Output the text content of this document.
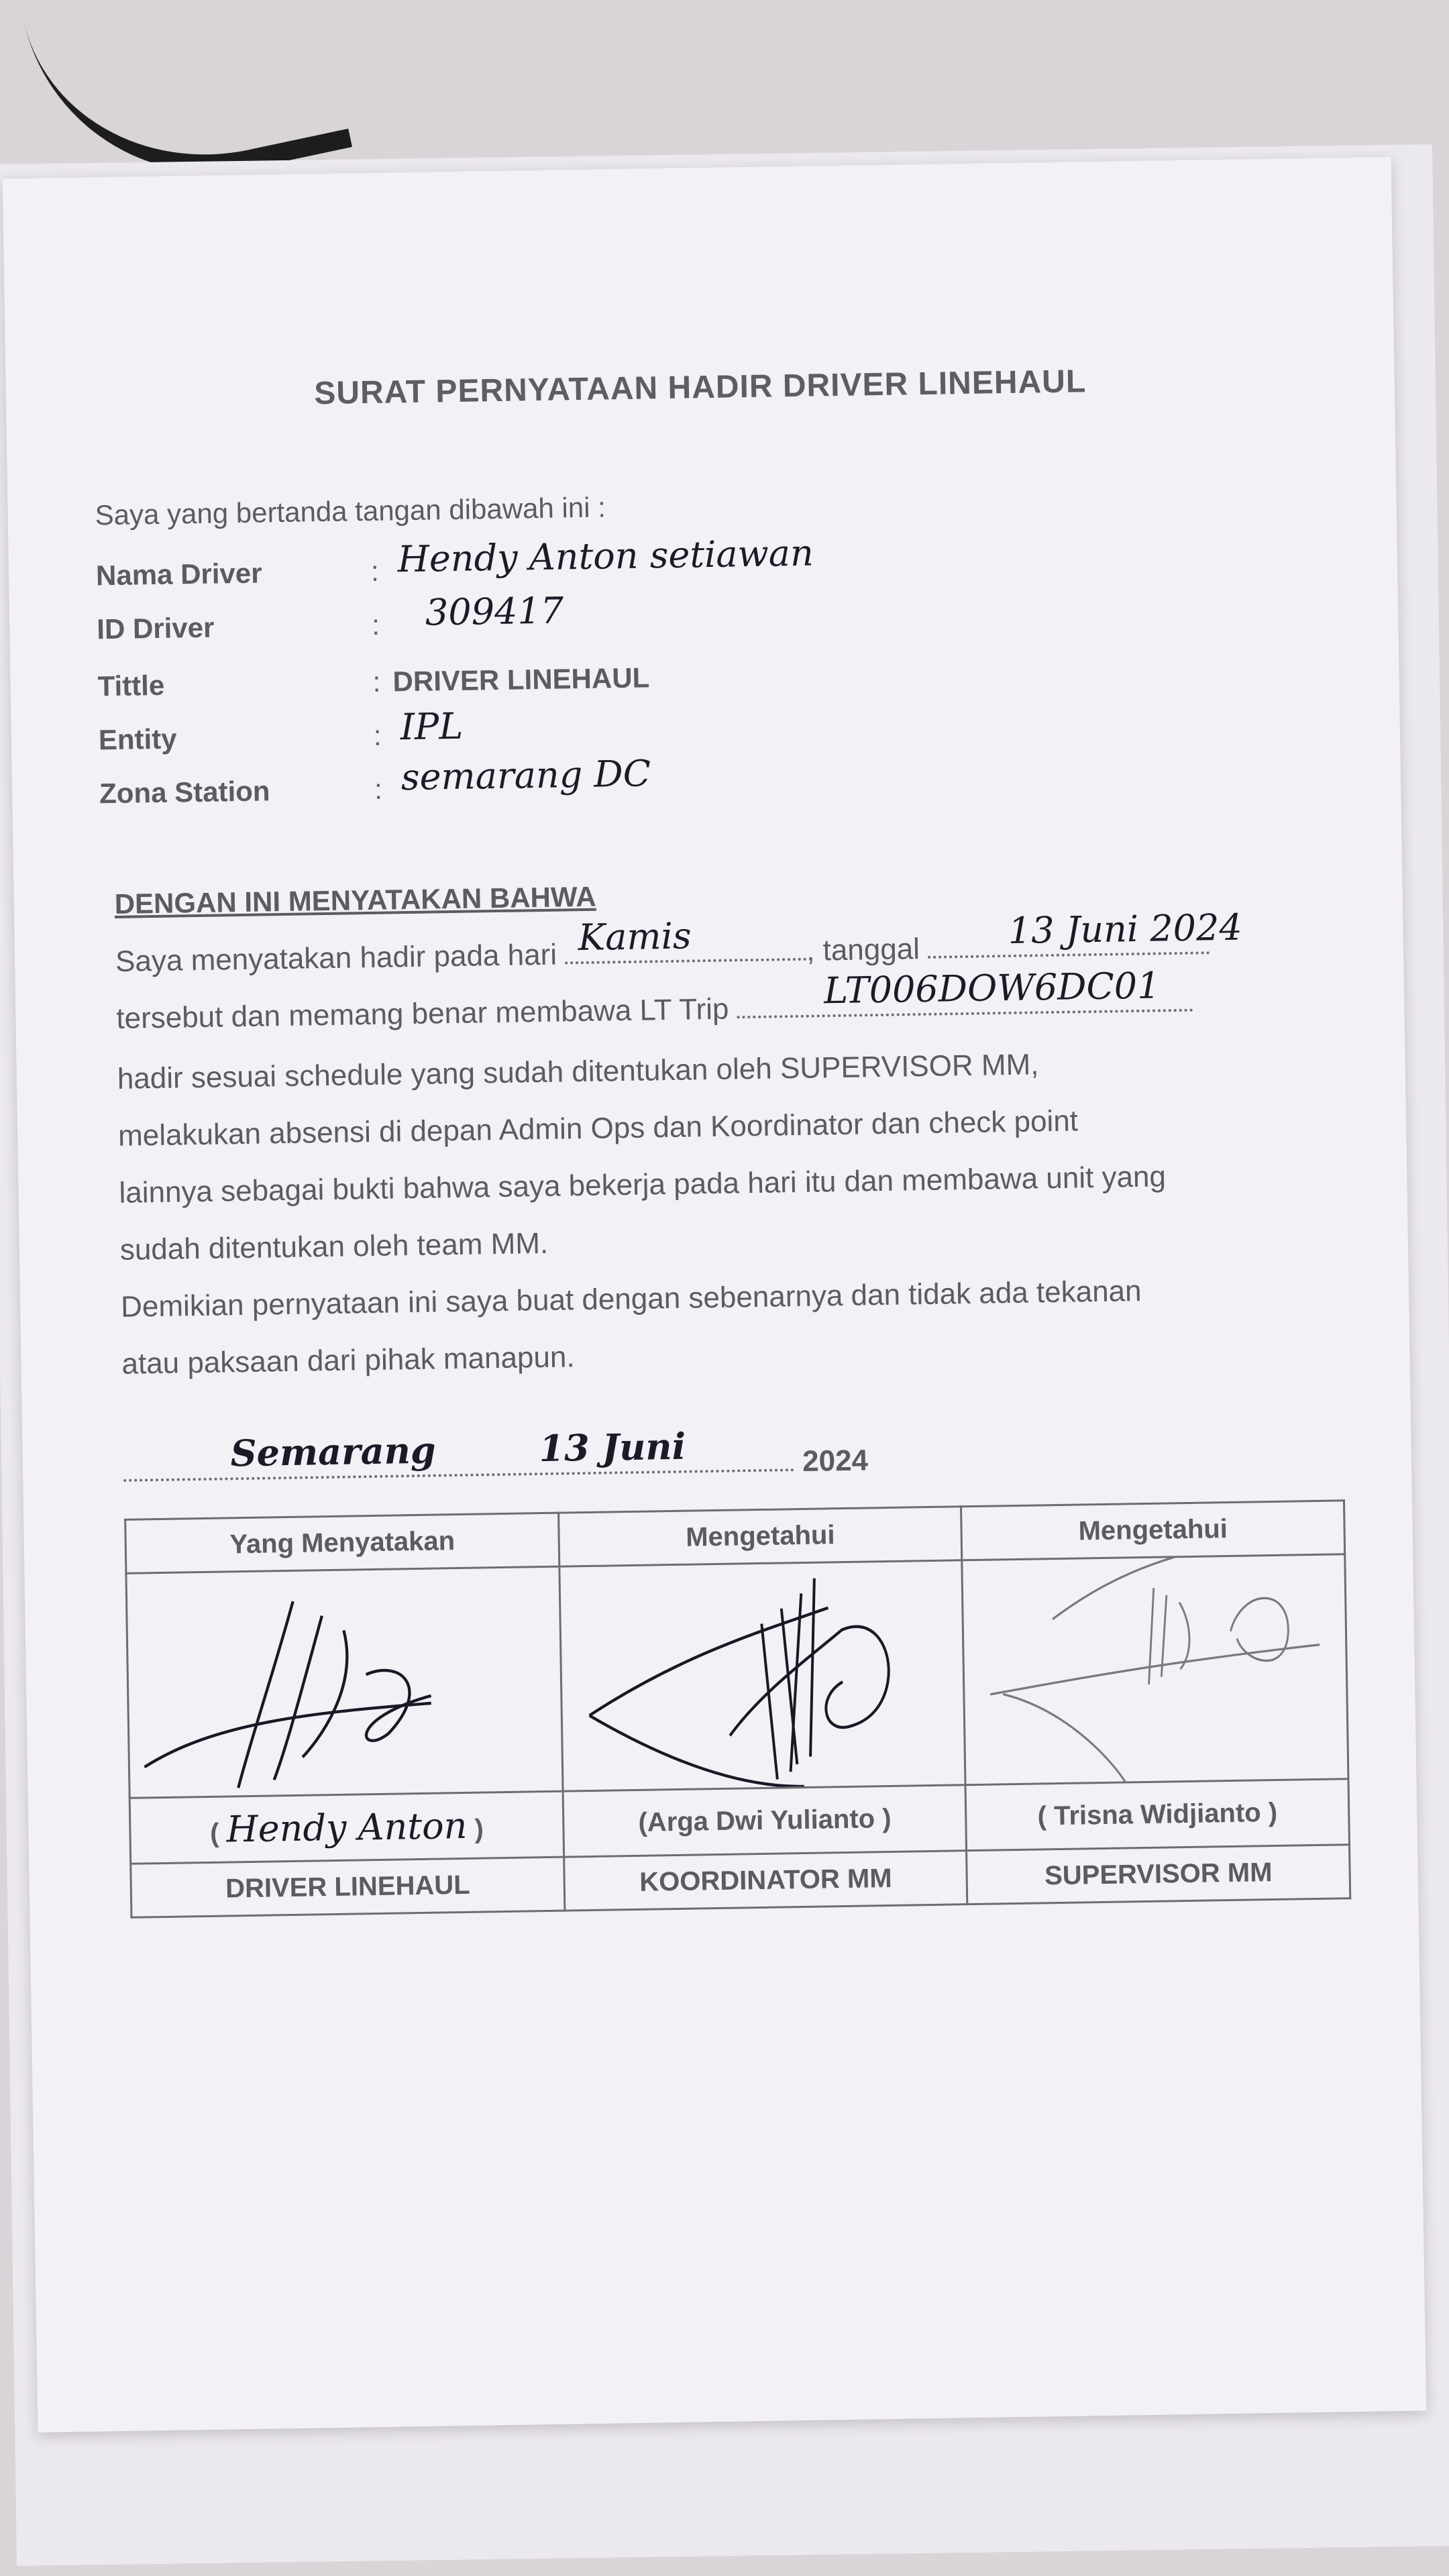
SURAT PERNYATAAN HADIR DRIVER LINEHAUL
Saya yang bertanda tangan dibawah ini :
Nama Driver	: Hendy Anton setiawan
ID Driver	: 309417
Tittle	: DRIVER LINEHAUL
Entity	: IPL
Zona Station	: semarang DC
DENGAN INI MENYATAKAN BAHWA
Saya menyatakan hadir pada hari Kamis	, tanggal 13 Juni 2024
tersebut dan memang benar membawa LT Trip
LT006DOW6DC01
hadir sesuai schedule yang sudah ditentukan oleh SUPERVISOR MM,
melakukan absensi di depan Admin Ops dan Koordinator dan check point
lainnya sebagai bukti bahwa saya bekerja pada hari itu dan membawa unit yang
sudah ditentukan oleh team MM.
Demikian pernyataan ini saya buat dengan sebenarnya dan tidak ada tekanan
atau paksaan dari pihak manapun.
Semarang	13 Juni	2024
Yang Menyatakan	Mengetahui	Mengetahui

( Hendy Anton )	(Arga Dwi Yulianto )	( Trisna Widjianto )
DRIVER LINEHAUL	KOORDINATOR MM	SUPERVISOR MM
